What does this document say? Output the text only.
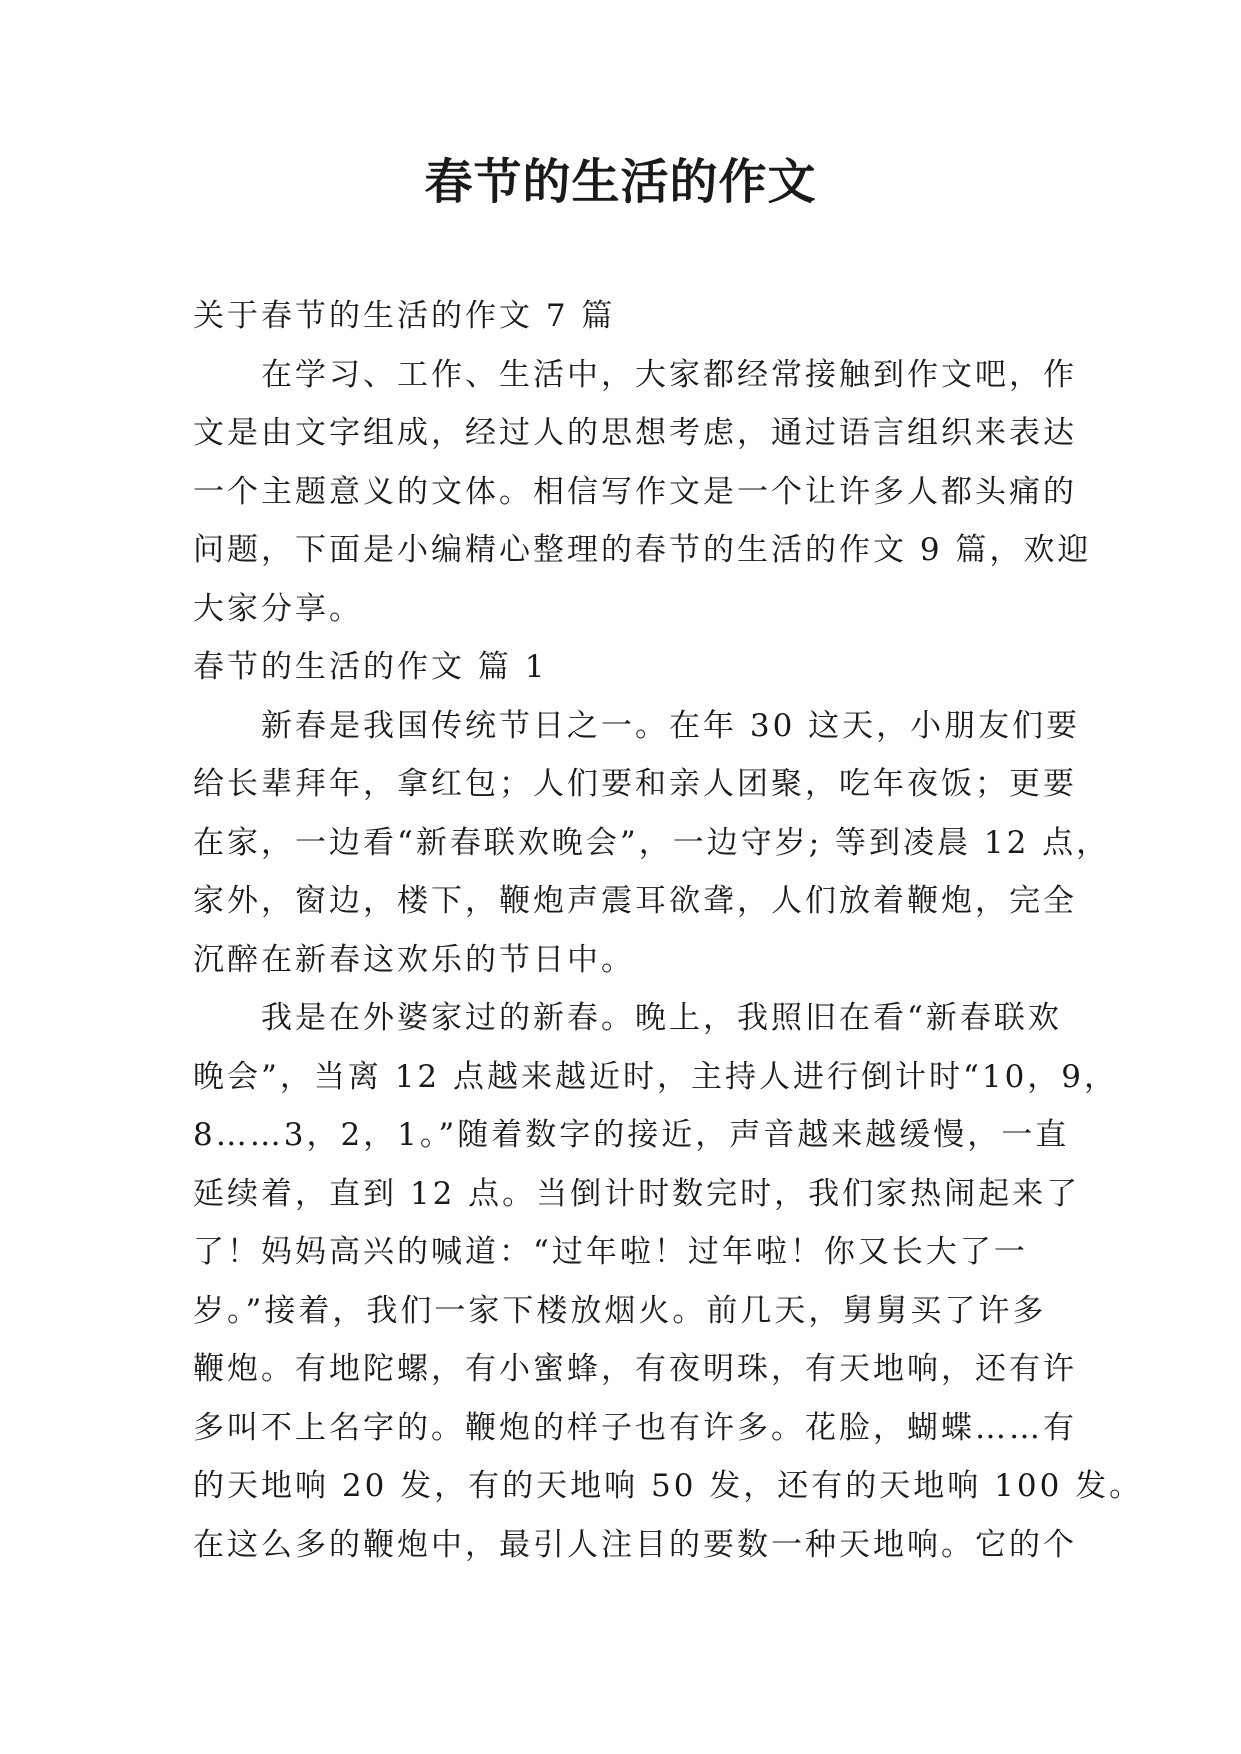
春节的生活的作文
关于春节的生活的作文 7 篇
在学习、工作、生活中，大家都经常接触到作文吧，作
文是由文字组成，经过人的思想考虑，通过语言组织来表达
一个主题意义的文体。相信写作文是一个让许多人都头痛的
问题，下面是小编精心整理的春节的生活的作文 9 篇，欢迎
大家分享。
春节的生活的作文 篇 1
新春是我国传统节日之一。在年 30 这天，小朋友们要
给长辈拜年，拿红包；人们要和亲人团聚，吃年夜饭；更要
在家，一边看“新春联欢晚会”，一边守岁; 等到凌晨 12 点，
家外，窗边，楼下，鞭炮声震耳欲聋，人们放着鞭炮，完全
沉醉在新春这欢乐的节日中。
我是在外婆家过的新春。晚上，我照旧在看“新春联欢
晚会”，当离 12 点越来越近时，主持人进行倒计时“10，9，
8……3，2，1。”随着数字的接近，声音越来越缓慢，一直
延续着，直到 12 点。当倒计时数完时，我们家热闹起来了
了！妈妈高兴的喊道：“过年啦！过年啦！你又长大了一
岁。”接着，我们一家下楼放烟火。前几天，舅舅买了许多
鞭炮。有地陀螺，有小蜜蜂，有夜明珠，有天地响，还有许
多叫不上名字的。鞭炮的样子也有许多。花脸，蝴蝶……有
的天地响 20 发，有的天地响 50 发，还有的天地响 100 发。
在这么多的鞭炮中，最引人注目的要数一种天地响。它的个
